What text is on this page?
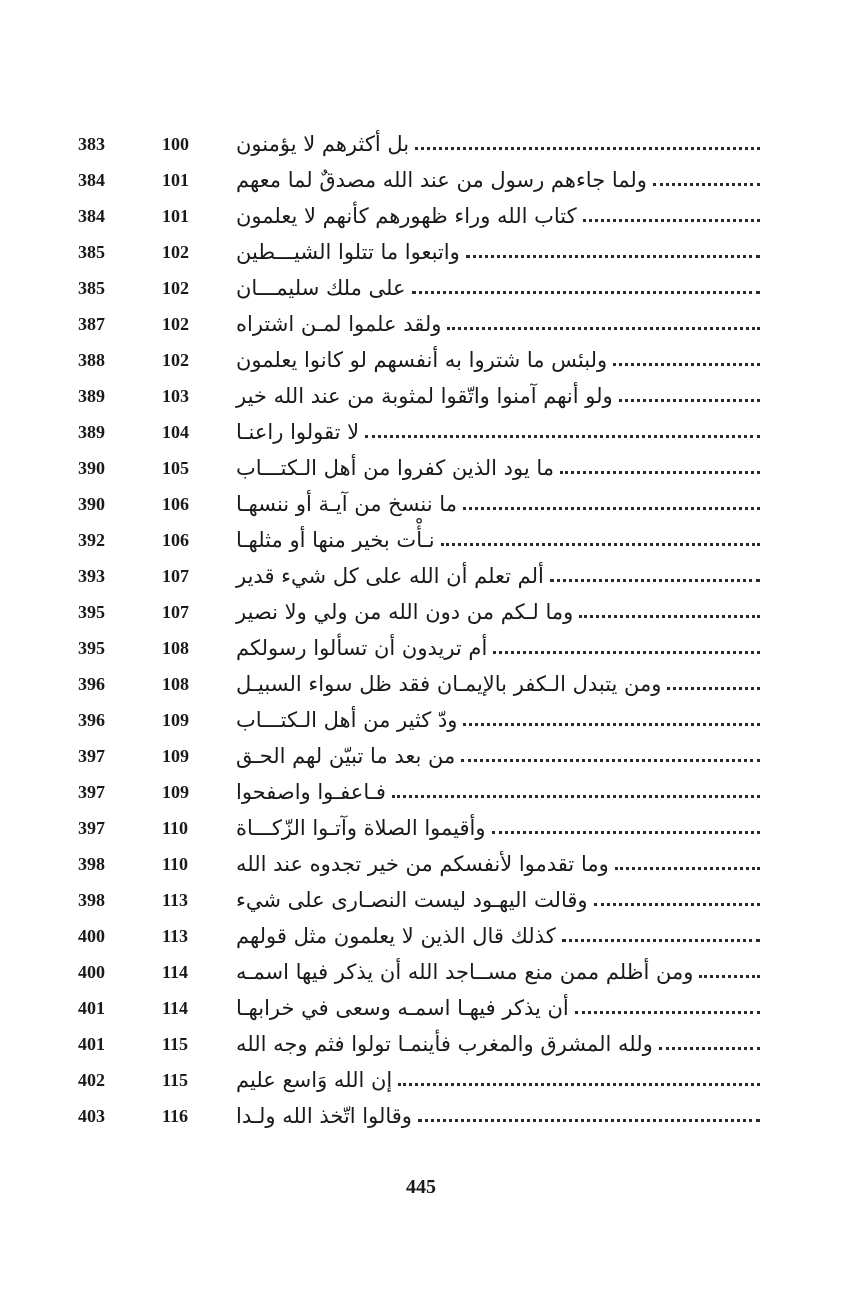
383	100	بل أكثرهم لا يؤمنون
384	101	ولما جاءهم رسول من عند الله مصدقٌ لما معهم
384	101	كتاب الله وراء ظهورهم كأنهم لا يعلمون
385	102	واتبعوا ما تتلوا الشيـــطين
385	102	على ملك سليمـــان
387	102	ولقد علموا لمـن اشتراه
388	102	ولبئس ما شتروا به أنفسهم لو كانوا يعلمون
389	103	ولو أنهم آمنوا واتّقوا لمثوبة من عند الله خير
389	104	لا تقولوا راعنـا
390	105	ما يود الذين كفروا من أهل الـكتـــاب
390	106	ما ننسخ من آيـة أو ننسهـا
392	106	نـأْت بخير منها أو مثلهـا
393	107	ألم تعلم أن الله على كل شيء قدير
395	107	وما لـكم من دون الله من ولي ولا نصير
395	108	أم تريدون أن تسألوا رسولكم
396	108	ومن يتبدل الـكفر بالإيمـان فقد ظل سواء السبيـل
396	109	ودّ كثير من أهل الـكتـــاب
397	109	من بعد ما تبيّن لهم الحـق
397	109	فـاعفـوا واصفحوا
397	110	وأقيموا الصلاة وآتـوا الزّكـــاة
398	110	وما تقدموا لأنفسكم من خير تجدوه عند الله
398	113	وقالت اليهـود ليست النصـارى على شيء
400	113	كذلك قال الذين لا يعلمون مثل قولهم
400	114	ومن أظلم ممن منع مســاجد الله أن يذكر فيها اسمـه
401	114	أن يذكر فيهـا اسمـه وسعى في خرابهـا
401	115	ولله المشرق والمغرب فأينمـا تولوا فثم وجه الله
402	115	إن الله وَاسع عليم
403	116	وقالوا اتّخذ الله ولـدا
445
